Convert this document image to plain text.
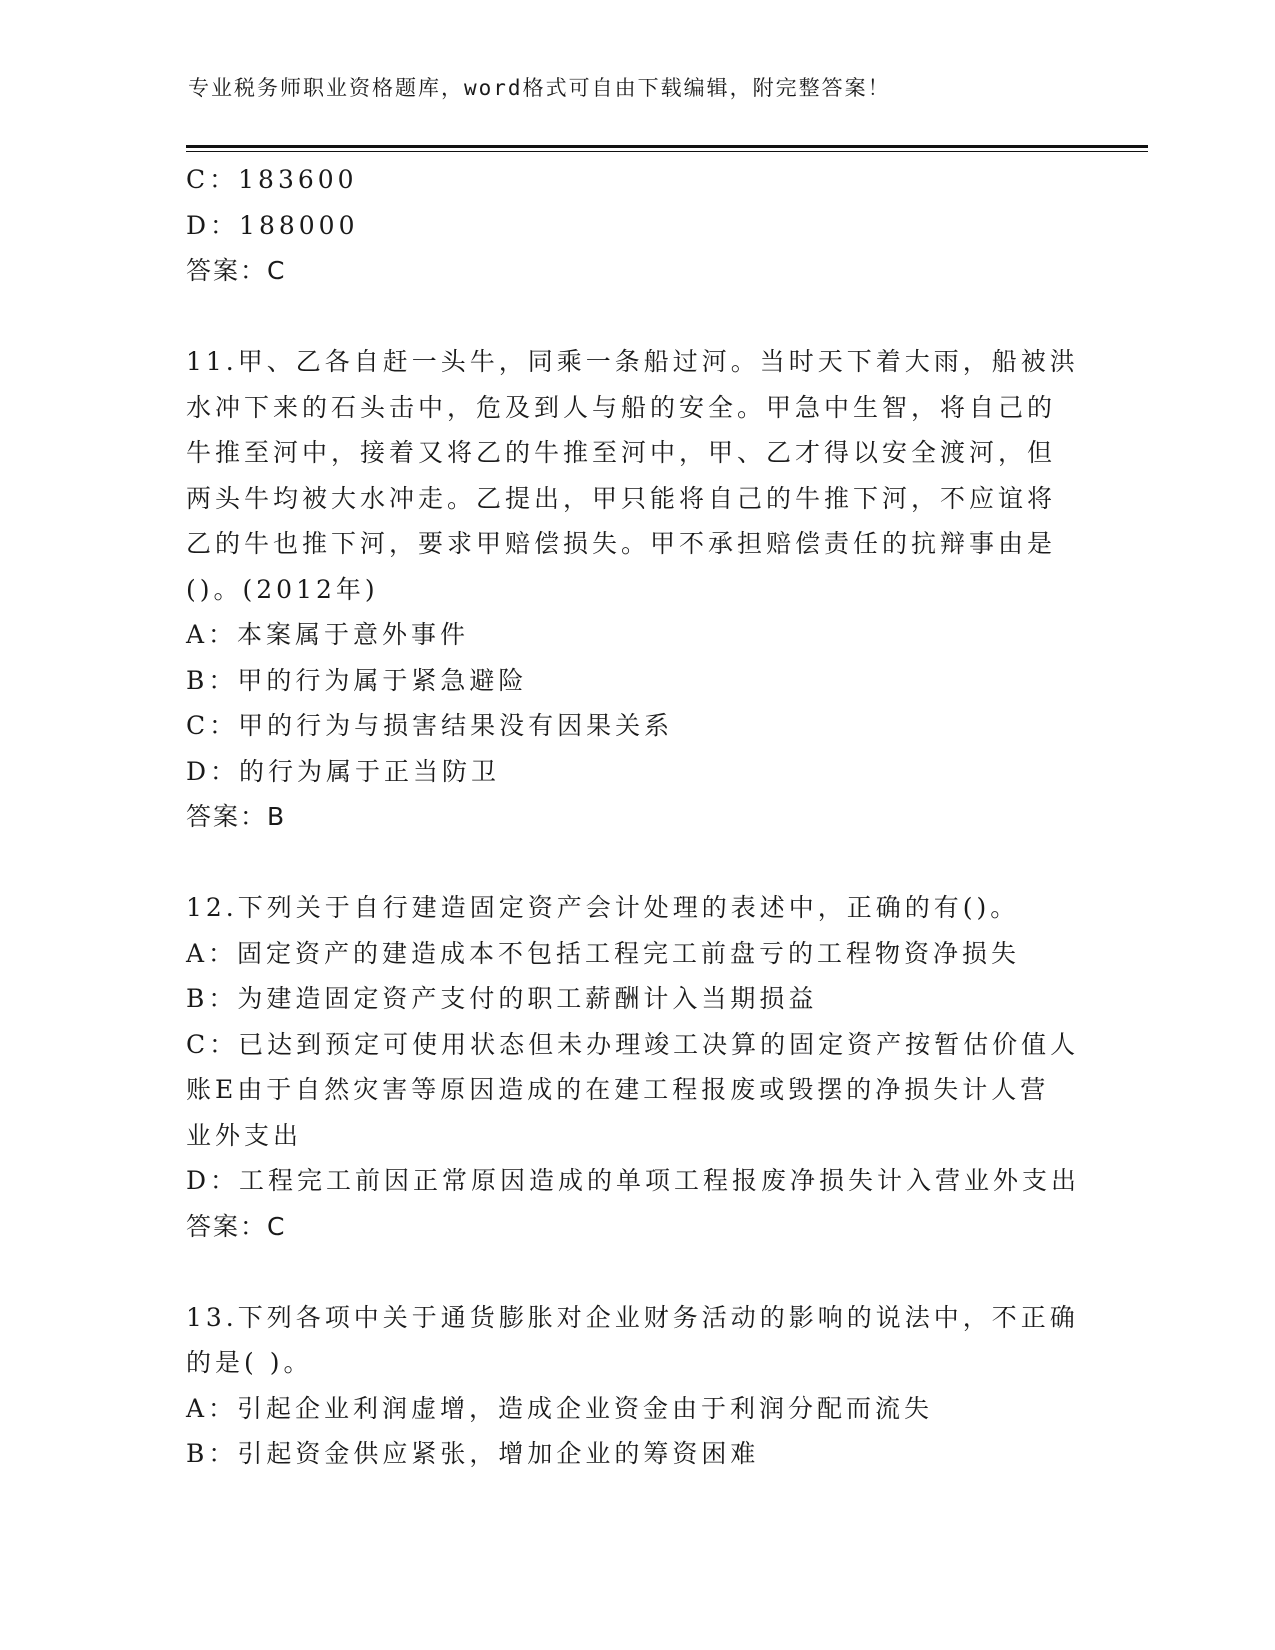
专业税务师职业资格题库，word格式可自由下载编辑，附完整答案！
C：183600
D：188000
答案：C
11.甲、乙各自赶一头牛，同乘一条船过河。当时天下着大雨，船被洪
水冲下来的石头击中，危及到人与船的安全。甲急中生智，将自己的
牛推至河中，接着又将乙的牛推至河中，甲、乙才得以安全渡河，但
两头牛均被大水冲走。乙提出，甲只能将自己的牛推下河，不应谊将
乙的牛也推下河，要求甲赔偿损失。甲不承担赔偿责任的抗辩事由是
()。(2012年)
A：本案属于意外事件
B：甲的行为属于紧急避险
C：甲的行为与损害结果没有因果关系
D：的行为属于正当防卫
答案：B
12.下列关于自行建造固定资产会计处理的表述中，正确的有()。
A：固定资产的建造成本不包括工程完工前盘亏的工程物资净损失
B：为建造固定资产支付的职工薪酬计入当期损益
C：已达到预定可使用状态但未办理竣工决算的固定资产按暂估价值人
账E由于自然灾害等原因造成的在建工程报废或毁摆的净损失计人营
业外支出
D：工程完工前因正常原因造成的单项工程报废净损失计入营业外支出
答案：C
13.下列各项中关于通货膨胀对企业财务活动的影响的说法中，不正确
的是( )。
A：引起企业利润虚增，造成企业资金由于利润分配而流失
B：引起资金供应紧张，增加企业的筹资困难
